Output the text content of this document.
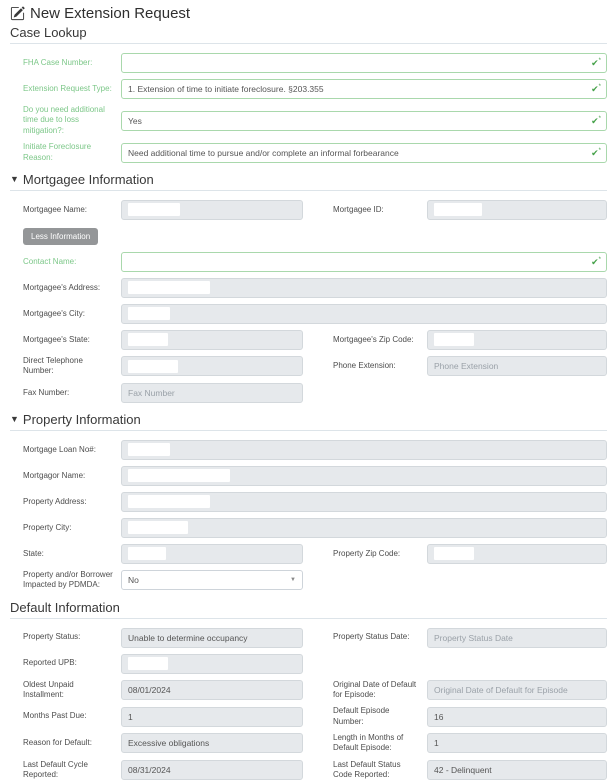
New Extension Request
Case Lookup
FHA Case Number:	✔*
Extension Request Type:	1. Extension of time to initiate foreclosure. §203.355	✔*
Do you need additional time due to loss mitigation?:
Yes	✔*
Initiate Foreclosure Reason:	Need additional time to pursue and/or complete an informal forbearance	✔*
▼ Mortgagee Information
Mortgagee Name:	Mortgagee ID:
Less Information
Contact Name:	✔*
Mortgagee's Address:
Mortgagee's City:
Mortgagee's State:	Mortgagee's Zip Code:
Direct Telephone Number:
Phone Extension:	Phone Extension
Fax Number:	Fax Number
▼ Property Information
Mortgage Loan No#:
Mortgagor Name:
Property Address:
Property City:
State:	Property Zip Code:
Property and/or Borrower Impacted by PDMDA:	No	▼
Default Information
Property Status:	Unable to determine occupancy	Property Status Date:	Property Status Date
Reported UPB:
Oldest Unpaid Installment:	08/01/2024
Original Date of Default for Episode:	Original Date of Default for Episode
Months Past Due:	1
Default Episode Number:	16
Reason for Default:	Excessive obligations
Length in Months of Default Episode:	1
Last Default Cycle Reported:	08/31/2024
Last Default Status Code Reported:	42 - Delinquent
